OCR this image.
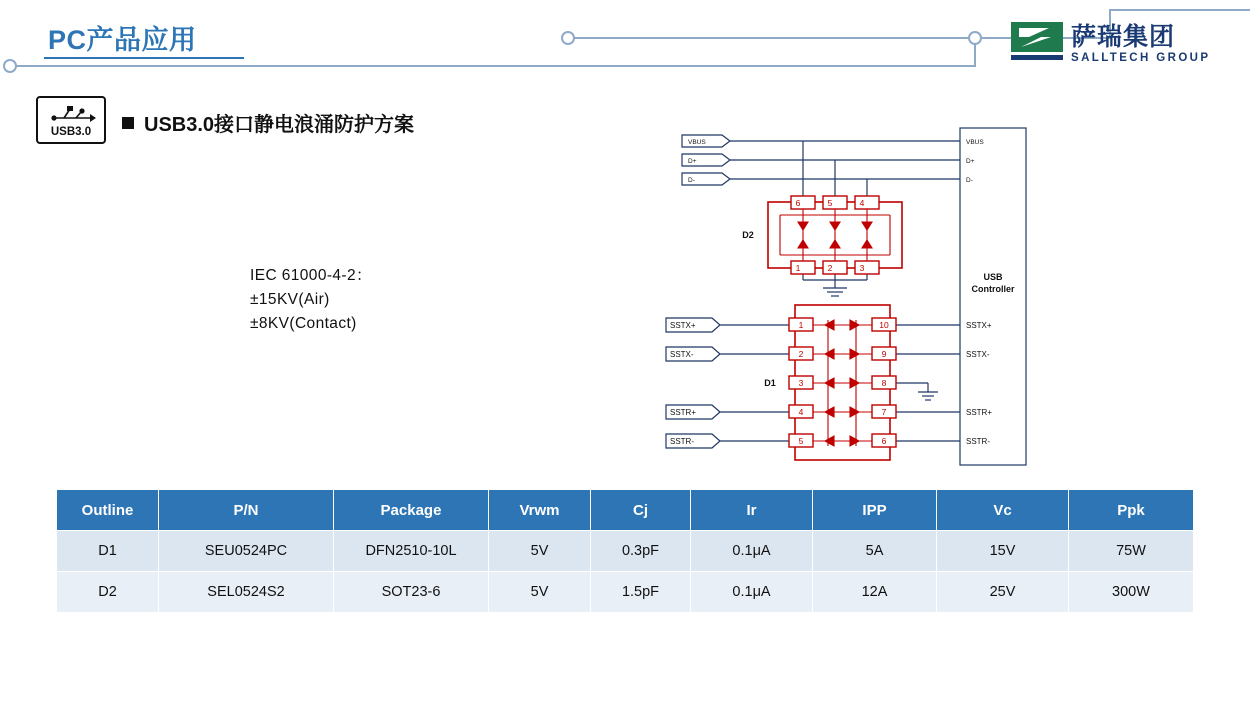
PC产品应用	萨瑞集团
SALLTECH GROUP
USB3.0	USB3.0接口静电浪涌防护方案
IEC 61000-4-2：
±15KV(Air)
±8KV(Contact)
6	5	4
1	2	3
D2
1
2
3
4
5
10
9
8
7
6
D1
USB
Controller
VBUS
D+
D-
SSTX+
SSTX-
SSTR+
SSTR-
VBUS
D+
D-
SSTX+
SSTX-
SSTR+
SSTR-
Outline	P/N	Package	Vrwm	Cj	Ir	IPP	Vc	Ppk
D1	SEU0524PC	DFN2510-10L	5V	0.3pF	0.1μA	5A	15V	75W
D2	SEL0524S2	SOT23-6	5V	1.5pF	0.1μA	12A	25V	300W
